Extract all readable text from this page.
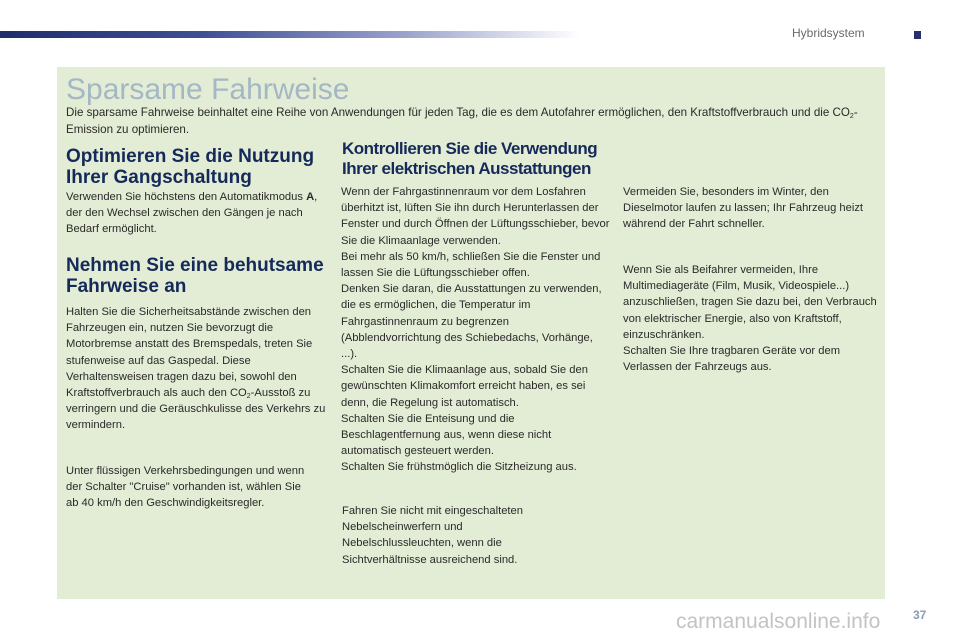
Hybridsystem
Sparsame Fahrweise

Die sparsame Fahrweise beinhaltet eine Reihe von Anwendungen für jeden Tag, die es dem Autofahrer ermöglichen, den Kraftstoffverbrauch und die $CO_2$-Emission zu optimieren.

Optimieren Sie die Nutzung Ihrer Gangschaltung

Verwenden Sie höchstens den Automatikmodus A, der den Wechsel zwischen den Gängen je nach Bedarf ermöglicht.

Nehmen Sie eine behutsame Fahrweise an

Halten Sie die Sicherheitsabstände zwischen den Fahrzeugen ein, nutzen Sie bevorzugt die Motorbremse anstatt des Bremspedals, treten Sie stufenweise auf das Gaspedal. Diese Verhaltensweisen tragen dazu bei, sowohl den Kraftstoffverbrauch als auch den $CO_2$-Ausstoß zu verringern und die Geräuschkulisse des Verkehrs zu vermindern.

Unter flüssigen Verkehrsbedingungen und wenn der Schalter "Cruise" vorhanden ist, wählen Sie ab 40 km/h den Geschwindigkeitsregler.

Kontrollieren Sie die Verwendung Ihrer elektrischen Ausstattungen
Wenn der Fahrgastinnenraum vor dem Losfahren überhitzt ist, lüften Sie ihn durch Herunterlassen der Fenster und durch Öffnen der Lüftungsschieber, bevor Sie die Klimaanlage verwenden.
Bei mehr als 50 km/h, schließen Sie die Fenster und lassen Sie die Lüftungsschieber offen.
Denken Sie daran, die Ausstattungen zu verwenden, die es ermöglichen, die Temperatur im Fahrgastinnenraum zu begrenzen (Abblendvorrichtung des Schiebedachs, Vorhänge, ...).
Schalten Sie die Klimaanlage aus, sobald Sie den gewünschten Klimakomfort erreicht haben, es sei denn, die Regelung ist automatisch.
Schalten Sie die Enteisung und die Beschlagentfernung aus, wenn diese nicht automatisch gesteuert werden.
Schalten Sie frühstmöglich die Sitzheizung aus.

Fahren Sie nicht mit eingeschalteten Nebelscheinwerfern und Nebelschlussleuchten, wenn die Sichtverhältnisse ausreichend sind.

Vermeiden Sie, besonders im Winter, den Dieselmotor laufen zu lassen; Ihr Fahrzeug heizt während der Fahrt schneller.

Wenn Sie als Beifahrer vermeiden, Ihre Multimediageräte (Film, Musik, Videospiele...) anzuschließen, tragen Sie dazu bei, den Verbrauch von elektrischer Energie, also von Kraftstoff, einzuschränken.
Schalten Sie Ihre tragbaren Geräte vor dem Verlassen der Fahrzeugs aus.
carmanualsonline.info	37
